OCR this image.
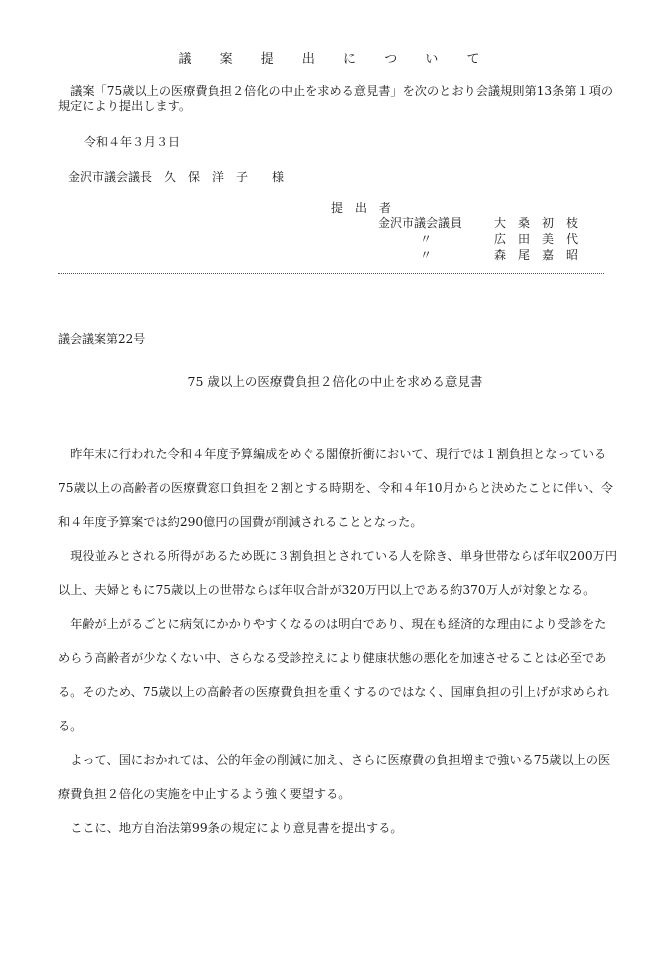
議 案 提 出 に つ い て

議案「75歳以上の医療費負担２倍化の中止を求める意見書」を次のとおり会議規則第13条第１項の規定により提出します。

令和４年３月３日
金沢市議会議長　久　保　洋　子　　様
提　出　者
金沢市議会議員	大　桑　初　枝
〃	広　田　美　代
〃	森　尾　嘉　昭
議会議案第22号
75 歳以上の医療費負担２倍化の中止を求める意見書

昨年末に行われた令和４年度予算編成をめぐる閣僚折衝において、現行では１割負担となっている75歳以上の高齢者の医療費窓口負担を２割とする時期を、令和４年10月からと決めたことに伴い、令和４年度予算案では約290億円の国費が削減されることとなった。

現役並みとされる所得があるため既に３割負担とされている人を除き、単身世帯ならば年収200万円以上、夫婦ともに75歳以上の世帯ならば年収合計が320万円以上である約370万人が対象となる。

年齢が上がるごとに病気にかかりやすくなるのは明白であり、現在も経済的な理由により受診をためらう高齢者が少なくない中、さらなる受診控えにより健康状態の悪化を加速させることは必至である。そのため、75歳以上の高齢者の医療費負担を重くするのではなく、国庫負担の引上げが求められる。

よって、国におかれては、公的年金の削減に加え、さらに医療費の負担増まで強いる75歳以上の医療費負担２倍化の実施を中止するよう強く要望する。

ここに、地方自治法第99条の規定により意見書を提出する。
